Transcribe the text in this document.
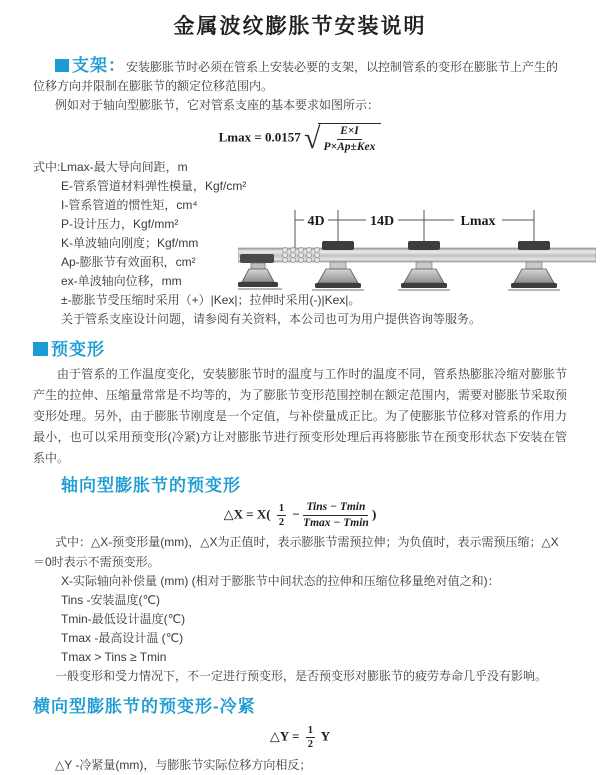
金属波纹膨胀节安装说明

支架：安装膨胀节时必须在管系上安装必要的支架，以控制管系的变形在膨胀节上产生的位移方向并限制在膨胀节的额定位移范围内。

例如对于轴向型膨胀节，它对管系支座的基本要求如图所示：

Lmax = 0.0157 √ $\frac{E\times I}{\text{P×Ap±Kex}}$
式中:Lmax-最大导向间距，m
E-管系管道材料弹性模量，Kgf/cm²
I-管系管道的惯性矩，cm⁴
P-设计压力，Kgf/mm²
K-单波轴向刚度；Kgf/mm
Ap-膨胀节有效面积，cm²
ex-单波轴向位移，mm
±-膨胀节受压缩时采用（+）|Kex|；拉伸时采用(-)|Kex|。
关于管系支座设计问题，请参阅有关资料，本公司也可为用户提供咨询等服务。
预变形

由于管系的工作温度变化，安装膨胀节时的温度与工作时的温度不同，管系热膨胀冷缩对膨胀节产生的拉伸、压缩量常常是不均等的，为了膨胀节变形范围控制在额定范围内，需要对膨胀节采取预变形处理。另外，由于膨胀节刚度是一个定值，与补偿量成正比。为了使膨胀节位移对管系的作用力最小，也可以采用预变形(冷紧)方让对膨胀节进行预变形处理后再将膨胀节在预变形状态下安装在管系中。

轴向型膨胀节的预变形
△X = $X( \frac{1}{2} - \frac{\text{Tins − Tmin}}{Tmax - Tmin}$ )

式中：△X-预变形量(mm)，△X为正值时，表示膨胀节需预拉伸；为负值时，表示需预压缩；△X＝0时表示不需预变形。

X-实际轴向补偿量 (mm) (相对于膨胀节中间状态的拉伸和压缩位移量绝对值之和)：
Tins -安装温度(℃)
Tmin-最低设计温度(℃)
Tmax -最高设计温 (℃)
Tmax > Tins ≥ Tmin

一般变形和受力情况下，不一定进行预变形，是否预变形对膨胀节的疲劳寿命几乎没有影响。

横向型膨胀节的预变形-冷紧
△Y = $\frac{1}{2}$ Y

△Y -冷紧量(mm)，与膨胀节实际位移方向相反；

4D	14D	Lmax
